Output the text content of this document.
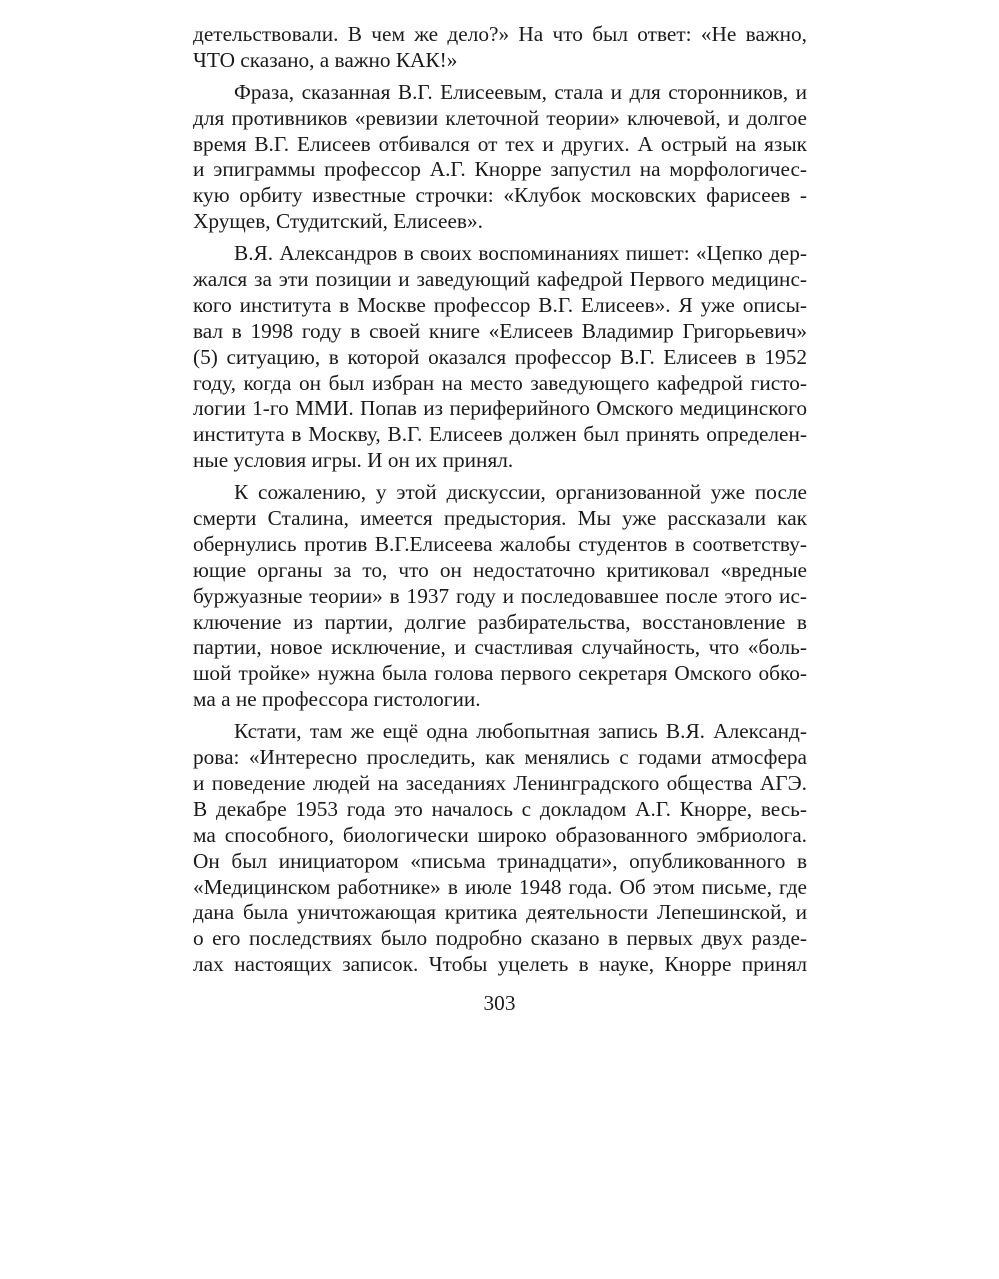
детельствовали. В чем же дело?» На что был ответ: «Не важно,
ЧТО сказано, а важно КАК!»
Фраза, сказанная В.Г. Елисеевым, стала и для сторонников, и
для противников «ревизии клеточной теории» ключевой, и долгое
время В.Г. Елисеев отбивался от тех и других. А острый на язык
и эпиграммы профессор А.Г. Кнорре запустил на морфологичес-
кую орбиту известные строчки: «Клубок московских фарисеев -
Хрущев, Студитский, Елисеев».
В.Я. Александров в своих воспоминаниях пишет: «Цепко дер-
жался за эти позиции и заведующий кафедрой Первого медицинс-
кого института в Москве профессор В.Г. Елисеев». Я уже описы-
вал в 1998 году в своей книге «Елисеев Владимир Григорьевич»
(5) ситуацию, в которой оказался профессор В.Г. Елисеев в 1952
году, когда он был избран на место заведующего кафедрой гисто-
логии 1-го ММИ. Попав из периферийного Омского медицинского
института в Москву, В.Г. Елисеев должен был принять определен-
ные условия игры. И он их принял.
К сожалению, у этой дискуссии, организованной уже после
смерти Сталина, имеется предыстория. Мы уже рассказали как
обернулись против В.Г.Елисеева жалобы студентов в соответству-
ющие органы за то, что он недостаточно критиковал «вредные
буржуазные теории» в 1937 году и последовавшее после этого ис-
ключение из партии, долгие разбирательства, восстановление в
партии, новое исключение, и счастливая случайность, что «боль-
шой тройке» нужна была голова первого секретаря Омского обко-
ма а не профессора гистологии.
Кстати, там же ещё одна любопытная запись В.Я. Александ-
рова: «Интересно проследить, как менялись с годами атмосфера
и поведение людей на заседаниях Ленинградского общества АГЭ.
В декабре 1953 года это началось с докладом А.Г. Кнорре, весь-
ма способного, биологически широко образованного эмбриолога.
Он был инициатором «письма тринадцати», опубликованного в
«Медицинском работнике» в июле 1948 года. Об этом письме, где
дана была уничтожающая критика деятельности Лепешинской, и
о его последствиях было подробно сказано в первых двух разде-
лах настоящих записок. Чтобы уцелеть в науке, Кнорре принял
303
